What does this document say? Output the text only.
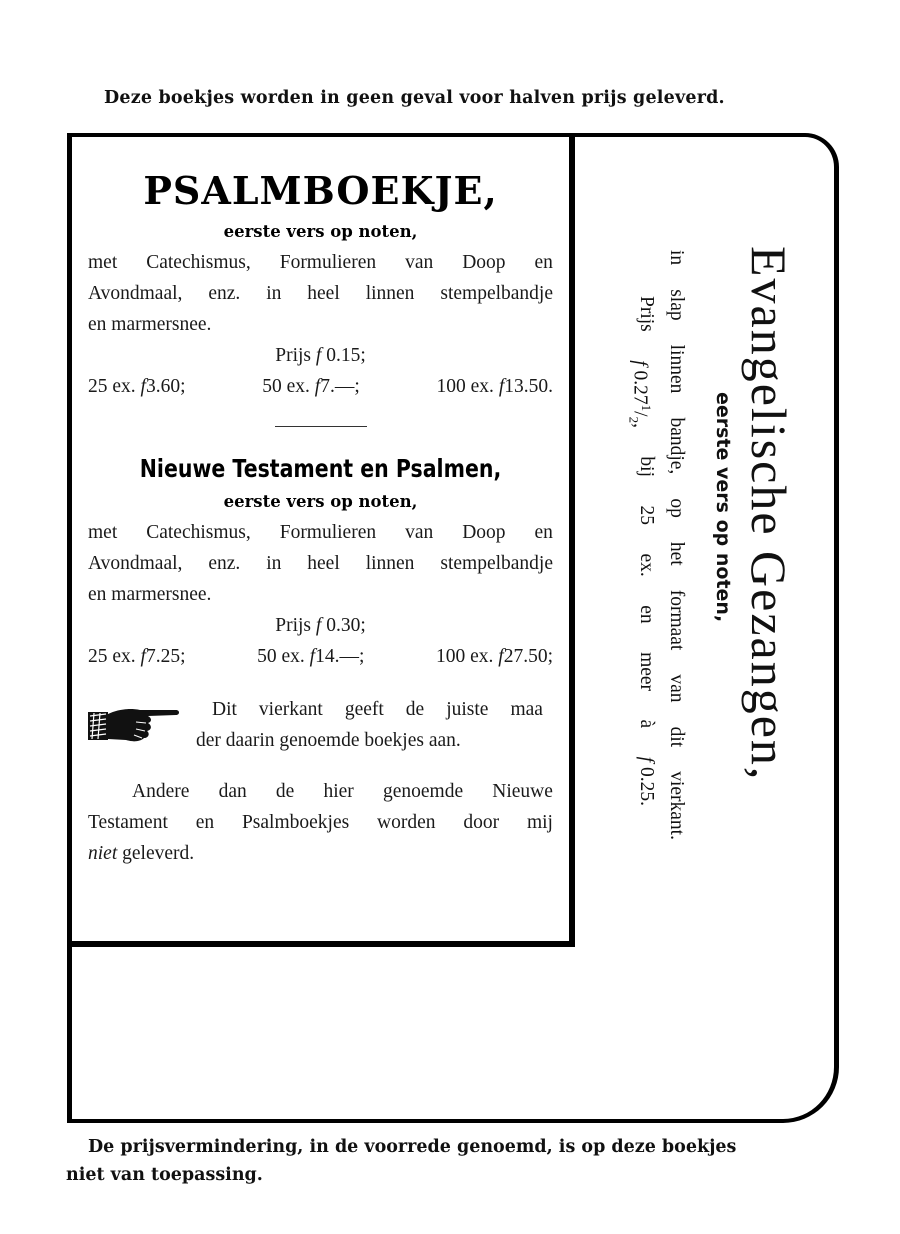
Deze boekjes worden in geen geval voor halven prijs geleverd.
PSALMBOEKJE,
eerste vers op noten,

met Catechismus, Formulieren van Doop en

Avondmaal, enz. in heel linnen stempelbandje

en marmersnee.

Prijs f 0.15;

25 ex. f3.60;	50 ex. f7.—;	100 ex. f13.50.

Nieuwe Testament en Psalmen,
eerste vers op noten,

met Catechismus, Formulieren van Doop en

Avondmaal, enz. in heel linnen stempelbandje

en marmersnee.

Prijs f 0.30;

25 ex. f7.25;	50 ex. f14.—;	100 ex. f27.50;

Dit vierkant geeft de juiste maa
der daarin genoemde boekjes aan.
Andere dan de hier genoemde Nieuwe
Testament en Psalmboekjes worden door mij
niet geleverd.
Evangelische Gezangen,
eerste vers op noten,
in
slap
linnen
bandje,
op
het
formaat
van
dit
vierkant.
Prijs
f $0.27^1/_2$,
bij
25
ex.
en
meer
à
f 0.25.
De prijsvermindering, in de voorrede genoemd, is op deze boekjes
niet van toepassing.
